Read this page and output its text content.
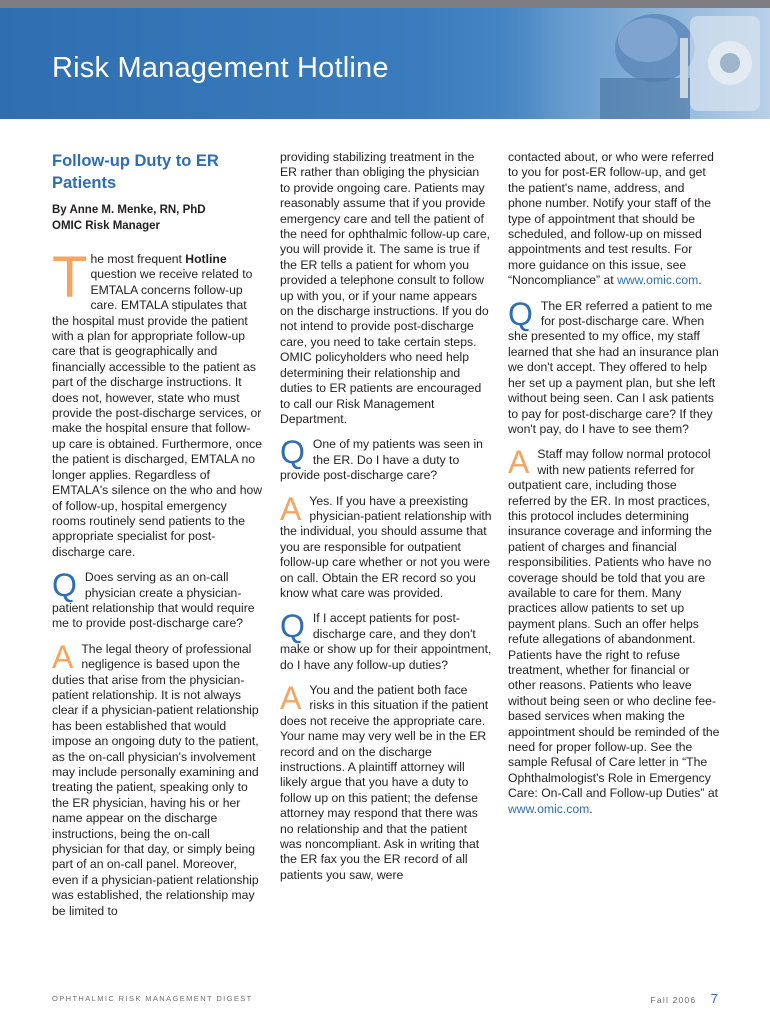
Risk Management Hotline
Follow-up Duty to ER Patients
By Anne M. Menke, RN, PhD
OMIC Risk Manager

The most frequent Hotline question we receive related to EMTALA concerns follow-up care. EMTALA stipulates that the hospital must provide the patient with a plan for appropriate follow-up care that is geographically and financially accessible to the patient as part of the discharge instructions. It does not, however, state who must provide the post-discharge services, or make the hospital ensure that follow-up care is obtained. Furthermore, once the patient is discharged, EMTALA no longer applies. Regardless of EMTALA's silence on the who and how of follow-up, hospital emergency rooms routinely send patients to the appropriate specialist for post-discharge care.

Q Does serving as an on-call physician create a physician-patient relationship that would require me to provide post-discharge care?

A The legal theory of professional negligence is based upon the duties that arise from the physician-patient relationship. It is not always clear if a physician-patient relationship has been established that would impose an ongoing duty to the patient, as the on-call physician's involvement may include personally examining and treating the patient, speaking only to the ER physician, having his or her name appear on the discharge instructions, being the on-call physician for that day, or simply being part of an on-call panel. Moreover, even if a physician-patient relationship was established, the relationship may be limited to

providing stabilizing treatment in the ER rather than obliging the physician to provide ongoing care. Patients may reasonably assume that if you provide emergency care and tell the patient of the need for ophthalmic follow-up care, you will provide it. The same is true if the ER tells a patient for whom you provided a telephone consult to follow up with you, or if your name appears on the discharge instructions. If you do not intend to provide post-discharge care, you need to take certain steps. OMIC policyholders who need help determining their relationship and duties to ER patients are encouraged to call our Risk Management Department.

Q One of my patients was seen in the ER. Do I have a duty to provide post-discharge care?

A Yes. If you have a preexisting physician-patient relationship with the individual, you should assume that you are responsible for outpatient follow-up care whether or not you were on call. Obtain the ER record so you know what care was provided.

Q If I accept patients for post-discharge care, and they don't make or show up for their appointment, do I have any follow-up duties?

A You and the patient both face risks in this situation if the patient does not receive the appropriate care. Your name may very well be in the ER record and on the discharge instructions. A plaintiff attorney will likely argue that you have a duty to follow up on this patient; the defense attorney may respond that there was no relationship and that the patient was noncompliant. Ask in writing that the ER fax you the ER record of all patients you saw, were

contacted about, or who were referred to you for post-ER follow-up, and get the patient's name, address, and phone number. Notify your staff of the type of appointment that should be scheduled, and follow-up on missed appointments and test results. For more guidance on this issue, see “Noncompliance” at www.omic.com.

Q The ER referred a patient to me for post-discharge care. When she presented to my office, my staff learned that she had an insurance plan we don't accept. They offered to help her set up a payment plan, but she left without being seen. Can I ask patients to pay for post-discharge care? If they won't pay, do I have to see them?

A Staff may follow normal protocol with new patients referred for outpatient care, including those referred by the ER. In most practices, this protocol includes determining insurance coverage and informing the patient of charges and financial responsibilities. Patients who have no coverage should be told that you are available to care for them. Many practices allow patients to set up payment plans. Such an offer helps refute allegations of abandonment. Patients have the right to refuse treatment, whether for financial or other reasons. Patients who leave without being seen or who decline fee-based services when making the appointment should be reminded of the need for proper follow-up. See the sample Refusal of Care letter in “The Ophthalmologist's Role in Emergency Care: On-Call and Follow-up Duties” at www.omic.com.

OPHTHALMIC RISK MANAGEMENT DIGEST	Fall 2006 7
